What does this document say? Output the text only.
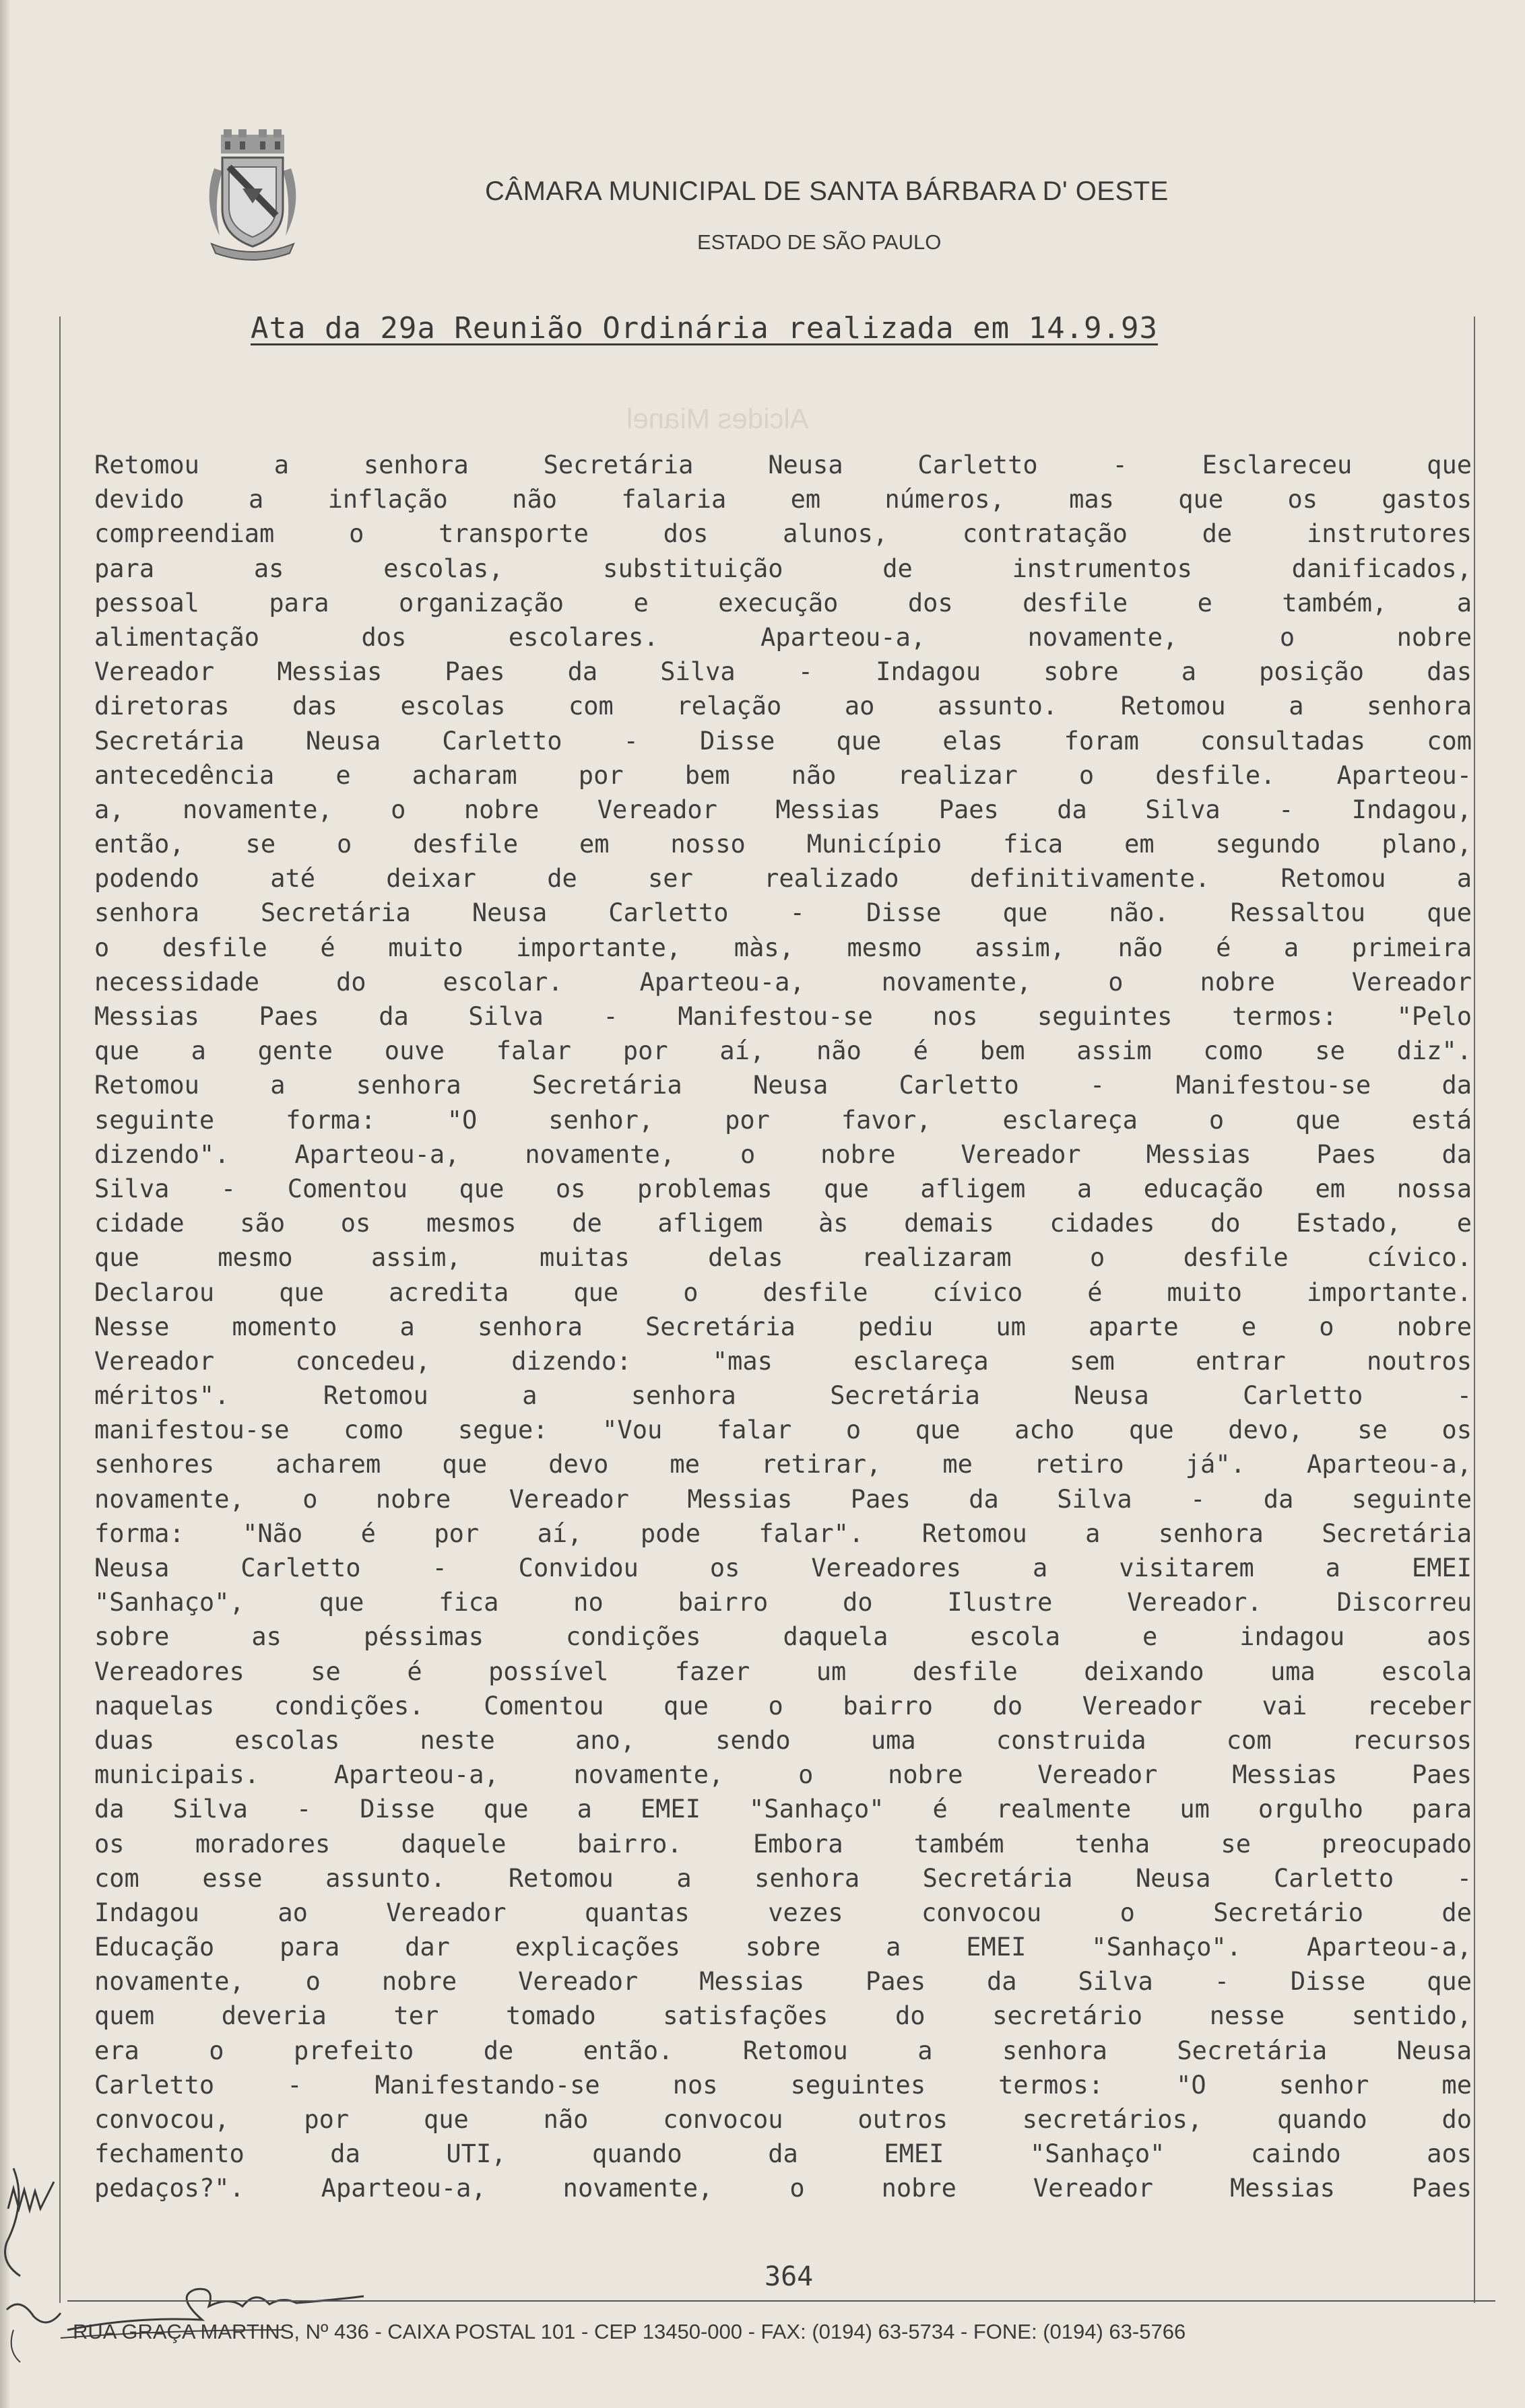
CÂMARA MUNICIPAL DE SANTA BÁRBARA D' OESTE
ESTADO DE SÃO PAULO
Ata da 29a Reunião Ordinária realizada em 14.9.93
Alcides Mianel
Retomou a senhora Secretária Neusa Carletto - Esclareceu que
devido a inflação não falaria em números, mas que os gastos
compreendiam o transporte dos alunos, contratação de instrutores
para as escolas, substituição de instrumentos danificados,
pessoal para organização e execução dos desfile e também, a
alimentação dos escolares. Aparteou-a, novamente, o nobre
Vereador Messias Paes da Silva - Indagou sobre a posição das
diretoras das escolas com relação ao assunto. Retomou a senhora
Secretária Neusa Carletto - Disse que elas foram consultadas com
antecedência e acharam por bem não realizar o desfile. Aparteou-
a, novamente, o nobre Vereador Messias Paes da Silva - Indagou,
então, se o desfile em nosso Município fica em segundo plano,
podendo até deixar de ser realizado definitivamente. Retomou a
senhora Secretária Neusa Carletto - Disse que não. Ressaltou que
o desfile é muito importante, màs, mesmo assim, não é a primeira
necessidade do escolar. Aparteou-a, novamente, o nobre Vereador
Messias Paes da Silva - Manifestou-se nos seguintes termos: "Pelo
que a gente ouve falar por aí, não é bem assim como se diz".
Retomou a senhora Secretária Neusa Carletto - Manifestou-se da
seguinte forma: "O senhor, por favor, esclareça o que está
dizendo". Aparteou-a, novamente, o nobre Vereador Messias Paes da
Silva - Comentou que os problemas que afligem a educação em nossa
cidade são os mesmos de afligem às demais cidades do Estado, e
que mesmo assim, muitas delas realizaram o desfile cívico.
Declarou que acredita que o desfile cívico é muito importante.
Nesse momento a senhora Secretária pediu um aparte e o nobre
Vereador concedeu, dizendo: "mas esclareça sem entrar noutros
méritos". Retomou a senhora Secretária Neusa Carletto -
manifestou-se como segue: "Vou falar o que acho que devo, se os
senhores acharem que devo me retirar, me retiro já". Aparteou-a,
novamente, o nobre Vereador Messias Paes da Silva - da seguinte
forma: "Não é por aí, pode falar". Retomou a senhora Secretária
Neusa Carletto - Convidou os Vereadores a visitarem a EMEI
"Sanhaço", que fica no bairro do Ilustre Vereador. Discorreu
sobre as péssimas condições daquela escola e indagou aos
Vereadores se é possível fazer um desfile deixando uma escola
naquelas condições. Comentou que o bairro do Vereador vai receber
duas escolas neste ano, sendo uma construida com recursos
municipais. Aparteou-a, novamente, o nobre Vereador Messias Paes
da Silva - Disse que a EMEI "Sanhaço" é realmente um orgulho para
os moradores daquele bairro. Embora também tenha se preocupado
com esse assunto. Retomou a senhora Secretária Neusa Carletto -
Indagou ao Vereador quantas vezes convocou o Secretário de
Educação para dar explicações sobre a EMEI "Sanhaço". Aparteou-a,
novamente, o nobre Vereador Messias Paes da Silva - Disse que
quem deveria ter tomado satisfações do secretário nesse sentido,
era o prefeito de então. Retomou a senhora Secretária Neusa
Carletto - Manifestando-se nos seguintes termos: "O senhor me
convocou, por que não convocou outros secretários, quando do
fechamento da UTI, quando da EMEI "Sanhaço" caindo aos
pedaços?". Aparteou-a, novamente, o nobre Vereador Messias Paes
364
RUA GRAÇA MARTINS, Nº 436 - CAIXA POSTAL 101 - CEP 13450-000 - FAX: (0194) 63-5734 - FONE: (0194) 63-5766
